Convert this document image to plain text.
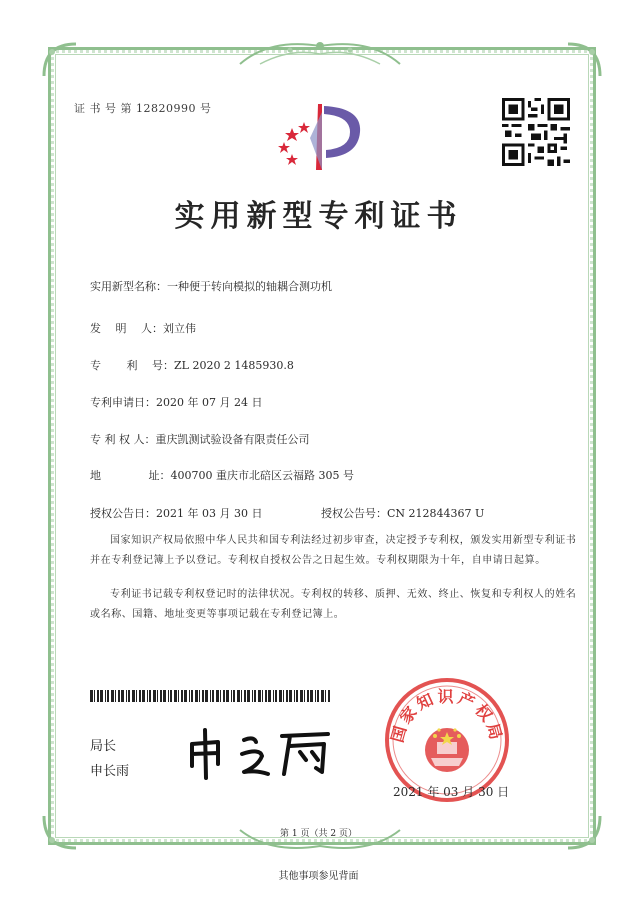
证 书 号 第 12820990 号
实用新型专利证书
实用新型名称：一种便于转向模拟的轴耦合测功机
发　 明　 人：刘立伟
专　　 利　 号：ZL 2020 2 1485930.8
专利申请日：2020 年 07 月 24 日
专 利 权 人：重庆凯测试验设备有限责任公司
地　　　　 址：400700 重庆市北碚区云福路 305 号
授权公告日：2021 年 03 月 30 日	授权公告号：CN 212844367 U
国家知识产权局依照中华人民共和国专利法经过初步审查，决定授予专利权，颁发实用新型专利证书并在专利登记簿上予以登记。专利权自授权公告之日起生效。专利权期限为十年，自申请日起算。
专利证书记载专利权登记时的法律状况。专利权的转移、质押、无效、终止、恢复和专利权人的姓名或名称、国籍、地址变更等事项记载在专利登记簿上。
局长
申长雨
国家知识产权局
2021 年 03 月 30 日
第 1 页（共 2 页）
其他事项参见背面
